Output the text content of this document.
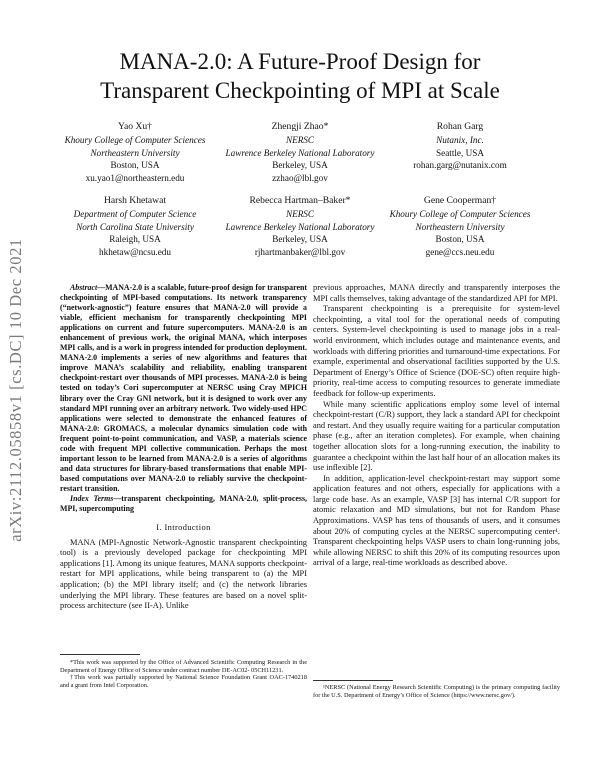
arXiv:2112.05858v1 [cs.DC] 10 Dec 2021
MANA-2.0: A Future-Proof Design for
Transparent Checkpointing of MPI at Scale
Yao Xu†
Khoury College of Computer Sciences
Northeastern University
Boston, USA
xu.yao1@northeastern.edu
Zhengji Zhao*
NERSC
Lawrence Berkeley National Laboratory
Berkeley, USA
zzhao@lbl.gov
Rohan Garg
Nutanix, Inc.
Seattle, USA
rohan.garg@nutanix.com
Harsh Khetawat
Department of Computer Science
North Carolina State University
Raleigh, USA
hkhetaw@ncsu.edu
Rebecca Hartman–Baker*
NERSC
Lawrence Berkeley National Laboratory
Berkeley, USA
rjhartmanbaker@lbl.gov
Gene Cooperman†
Khoury College of Computer Sciences
Northeastern University
Boston, USA
gene@ccs.neu.edu

Abstract—MANA-2.0 is a scalable, future-proof design for transparent checkpointing of MPI-based computations. Its network transparency (“network-agnostic”) feature ensures that MANA-2.0 will provide a viable, efficient mechanism for transparently checkpointing MPI applications on current and future supercomputers. MANA-2.0 is an enhancement of previous work, the original MANA, which interposes MPI calls, and is a work in progress intended for production deployment. MANA-2.0 implements a series of new algorithms and features that improve MANA’s scalability and reliability, enabling transparent checkpoint-restart over thousands of MPI processes. MANA-2.0 is being tested on today’s Cori supercomputer at NERSC using Cray MPICH library over the Cray GNI network, but it is designed to work over any standard MPI running over an arbitrary network. Two widely-used HPC applications were selected to demonstrate the enhanced features of MANA-2.0: GROMACS, a molecular dynamics simulation code with frequent point-to-point communication, and VASP, a materials science code with frequent MPI collective communication. Perhaps the most important lesson to be learned from MANA-2.0 is a series of algorithms and data structures for library-based transformations that enable MPI-based computations over MANA-2.0 to reliably survive the checkpoint-restart transition.

Index Terms—transparent checkpointing, MANA-2.0, split-process, MPI, supercomputing

I. Introduction

MANA (MPI-Agnostic Network-Agnostic transparent checkpointing tool) is a previously developed package for checkpointing MPI applications [1]. Among its unique features, MANA supports checkpoint-restart for MPI applications, while being transparent to (a) the MPI application; (b) the MPI library itself; and (c) the network libraries underlying the MPI library. These features are based on a novel split-process architecture (see II-A). Unlike

*This work was supported by the Office of Advanced Scientific Computing Research in the Department of Energy Office of Science under contract number DE-AC02- 05CH11231.

†This work was partially supported by National Science Foundation Grant OAC-1740218 and a grant from Intel Corporation.

previous approaches, MANA directly and transparently interposes the MPI calls themselves, taking advantage of the standardized API for MPI.

Transparent checkpointing is a prerequisite for system-level checkpointing, a vital tool for the operational needs of computing centers. System-level checkpointing is used to manage jobs in a real-world environment, which includes outage and maintenance events, and workloads with differing priorities and turnaround-time expectations. For example, experimental and observational facilities supported by the U.S. Department of Energy’s Office of Science (DOE-SC) often require high-priority, real-time access to computing resources to generate immediate feedback for follow-up experiments.

While many scientific applications employ some level of internal checkpoint-restart (C/R) support, they lack a standard API for checkpoint and restart. And they usually require waiting for a particular computation phase (e.g., after an iteration completes). For example, when chaining together allocation slots for a long-running execution, the inability to guarantee a checkpoint within the last half hour of an allocation makes its use inflexible [2].

In addition, application-level checkpoint-restart may support some application features and not others, especially for applications with a large code base. As an example, VASP [3] has internal C/R support for atomic relaxation and MD simulations, but not for Random Phase Approximations. VASP has tens of thousands of users, and it consumes about 20% of computing cycles at the NERSC supercomputing center¹. Transparent checkpointing helps VASP users to chain long-running jobs, while allowing NERSC to shift this 20% of its computing resources upon arrival of a large, real-time workloads as described above.

¹NERSC (National Energy Research Scientific Computing) is the primary computing facility for the U.S. Department of Energy’s Office of Science (https://www.nersc.gov/).
